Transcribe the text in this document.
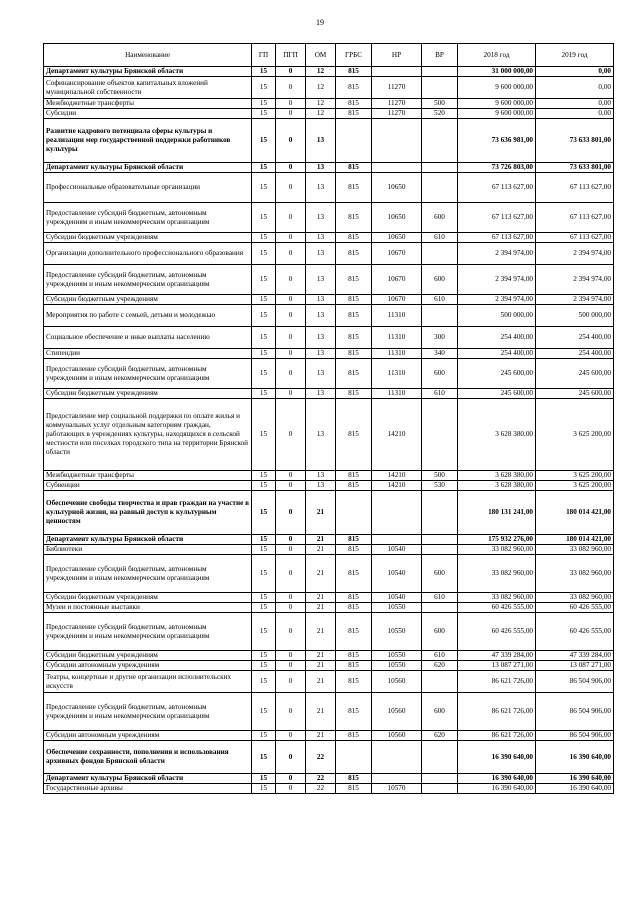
19
Наименование	ГП	ПГП	ОМ	ГРБС	НР	ВР	2018 год	2019 год
Департамент культуры Брянской области	15	0	12	815			31 000 000,00	0,00
Софинансирование объектов капитальных вложений муниципальной собственности	15	0	12	815	11270		9 600 000,00	0,00
Межбюджетные трансферты	15	0	12	815	11270	500	9 600 000,00	0,00
Субсидии	15	0	12	815	11270	520	9 600 000,00	0,00
Развитие кадрового потенциала сферы культуры и реализации мер государственной поддержки работников культуры	15	0	13				73 636 981,00	73 633 801,00
Департамент культуры Брянской области	15	0	13	815			73 726 803,00	73 633 801,00
Профессиональные образовательные организации	15	0	13	815	10650		67 113 627,00	67 113 627,00
Предоставление субсидий бюджетным, автономным учреждениям и иным некоммерческим организациям	15	0	13	815	10650	600	67 113 627,00	67 113 627,00
Субсидии бюджетным учреждениям	15	0	13	815	10650	610	67 113 627,00	67 113 627,00
Организации дополнительного профессионального образования	15	0	13	815	10670		2 394 974,00	2 394 974,00
Предоставление субсидий бюджетным, автономным учреждениям и иным некоммерческим организациям	15	0	13	815	10670	600	2 394 974,00	2 394 974,00
Субсидии бюджетным учреждениям	15	0	13	815	10670	610	2 394 974,00	2 394 974,00
Мероприятия по работе с семьей, детьми и молодежью	15	0	13	815	11310		500 000,00	500 000,00
Социальное обеспечение и иные выплаты населению	15	0	13	815	11310	300	254 400,00	254 400,00
Стипендии	15	0	13	815	11310	340	254 400,00	254 400,00
Предоставление субсидий бюджетным, автономным учреждениям и иным некоммерческим организациям	15	0	13	815	11310	600	245 600,00	245 600,00
Субсидии бюджетным учреждениям	15	0	13	815	11310	610	245 600,00	245 600,00
Предоставление мер социальной поддержки по оплате жилья и коммунальных услуг отдельным категориям граждан, работающих в учреждениях культуры, находящихся в сельской местности или поселках городского типа на территории Брянской области	15	0	13	815	14210		3 628 380,00	3 625 200,00
Межбюджетные трансферты	15	0	13	815	14210	500	3 628 380,00	3 625 200,00
Субвенции	15	0	13	815	14210	530	3 628 380,00	3 625 200,00
Обеспечение свободы творчества и прав граждан на участие в культурной жизни, на равный доступ к культурным ценностям	15	0	21				180 131 241,00	180 014 421,00
Департамент культуры Брянской области	15	0	21	815			175 932 276,00	180 014 421,00
Библиотеки	15	0	21	815	10540		33 082 960,00	33 082 960,00
Предоставление субсидий бюджетным, автономным учреждениям и иным некоммерческим организациям	15	0	21	815	10540	600	33 082 960,00	33 082 960,00
Субсидии бюджетным учреждениям	15	0	21	815	10540	610	33 082 960,00	33 082 960,00
Музеи и постоянные выставки	15	0	21	815	10550		60 426 555,00	60 426 555,00
Предоставление субсидий бюджетным, автономным учреждениям и иным некоммерческим организациям	15	0	21	815	10550	600	60 426 555,00	60 426 555,00
Субсидии бюджетным учреждениям	15	0	21	815	10550	610	47 339 284,00	47 339 284,00
Субсидии автономным учреждениям	15	0	21	815	10550	620	13 087 271,00	13 087 271,00
Театры, концертные и другие организации исполнительских искусств	15	0	21	815	10560		86 621 726,00	86 504 906,00
Предоставление субсидий бюджетным, автономным учреждениям и иным некоммерческим организациям	15	0	21	815	10560	600	86 621 726,00	86 504 906,00
Субсидии автономным учреждениям	15	0	21	815	10560	620	86 621 726,00	86 504 906,00
Обеспечение сохранности, пополнения и использования архивных фондов Брянской области	15	0	22				16 390 640,00	16 390 640,00
Департамент культуры Брянской области	15	0	22	815			16 390 640,00	16 390 640,00
Государственные архивы	15	0	22	815	10570		16 390 640,00	16 390 640,00
